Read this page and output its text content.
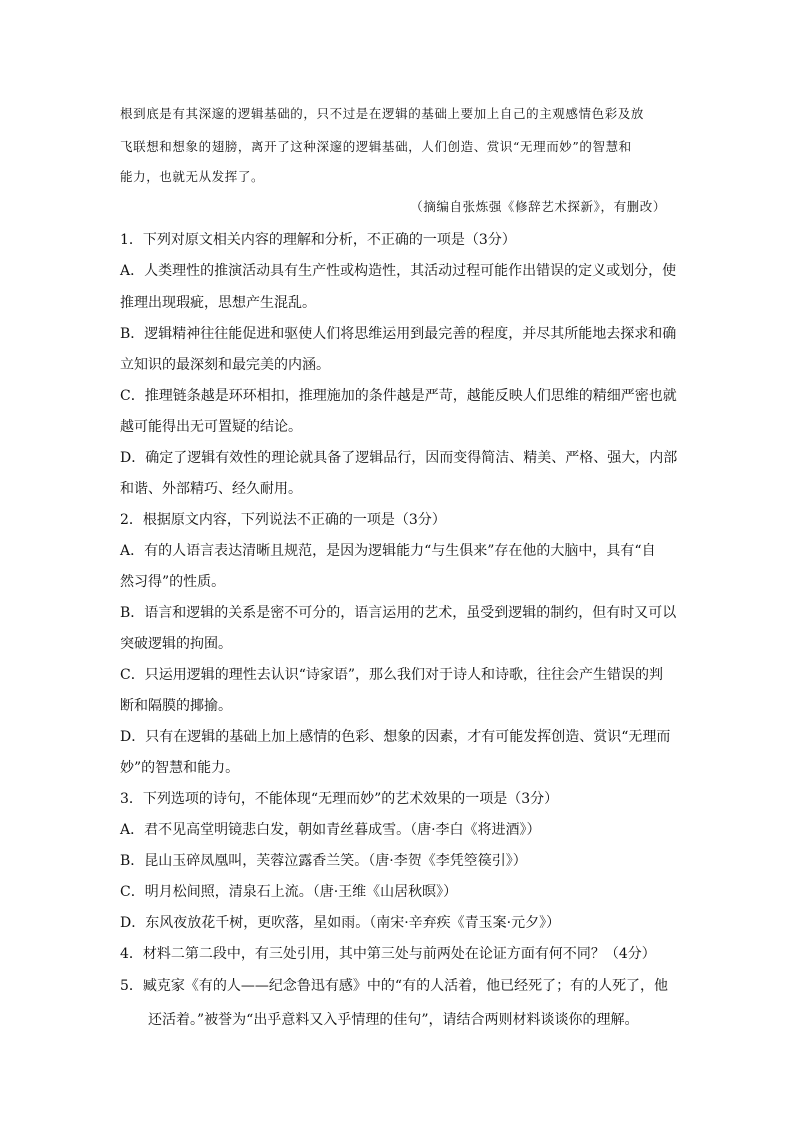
根到底是有其深邃的逻辑基础的，只不过是在逻辑的基础上要加上自己的主观感情色彩及放
飞联想和想象的翅膀，离开了这种深邃的逻辑基础，人们创造、赏识“无理而妙”的智慧和
能力，也就无从发挥了。
（摘编自张炼强《修辞艺术探新》，有删改）
1．下列对原文相关内容的理解和分析，不正确的一项是（3分）
A．人类理性的推演活动具有生产性或构造性，其活动过程可能作出错误的定义或划分，使
推理出现瑕疵，思想产生混乱。
B．逻辑精神往往能促进和驱使人们将思维运用到最完善的程度，并尽其所能地去探求和确
立知识的最深刻和最完美的内涵。
C．推理链条越是环环相扣，推理施加的条件越是严苛，越能反映人们思维的精细严密也就
越可能得出无可置疑的结论。
D．确定了逻辑有效性的理论就具备了逻辑品行，因而变得简洁、精美、严格、强大，内部
和谐、外部精巧、经久耐用。
2．根据原文内容，下列说法不正确的一项是（3分）
A．有的人语言表达清晰且规范，是因为逻辑能力“与生俱来”存在他的大脑中，具有“自
然习得”的性质。
B．语言和逻辑的关系是密不可分的，语言运用的艺术，虽受到逻辑的制约，但有时又可以
突破逻辑的拘囿。
C．只运用逻辑的理性去认识“诗家语”，那么我们对于诗人和诗歌，往往会产生错误的判
断和隔膜的揶揄。
D．只有在逻辑的基础上加上感情的色彩、想象的因素，才有可能发挥创造、赏识“无理而
妙”的智慧和能力。
3．下列选项的诗句，不能体现“无理而妙”的艺术效果的一项是（3分）
A．君不见高堂明镜悲白发，朝如青丝暮成雪。（唐·李白《将进酒》）
B．昆山玉碎凤凰叫，芙蓉泣露香兰笑。（唐·李贺《李凭箜篌引》）
C．明月松间照，清泉石上流。（唐·王维《山居秋暝》）
D．东风夜放花千树，更吹落，星如雨。（南宋·辛弃疾《青玉案·元夕》）
4．材料二第二段中，有三处引用，其中第三处与前两处在论证方面有何不同？（4分）
5．臧克家《有的人——纪念鲁迅有感》中的“有的人活着，他已经死了；有的人死了，他
还活着。”被誉为“出乎意料又入乎情理的佳句”，请结合两则材料谈谈你的理解。
